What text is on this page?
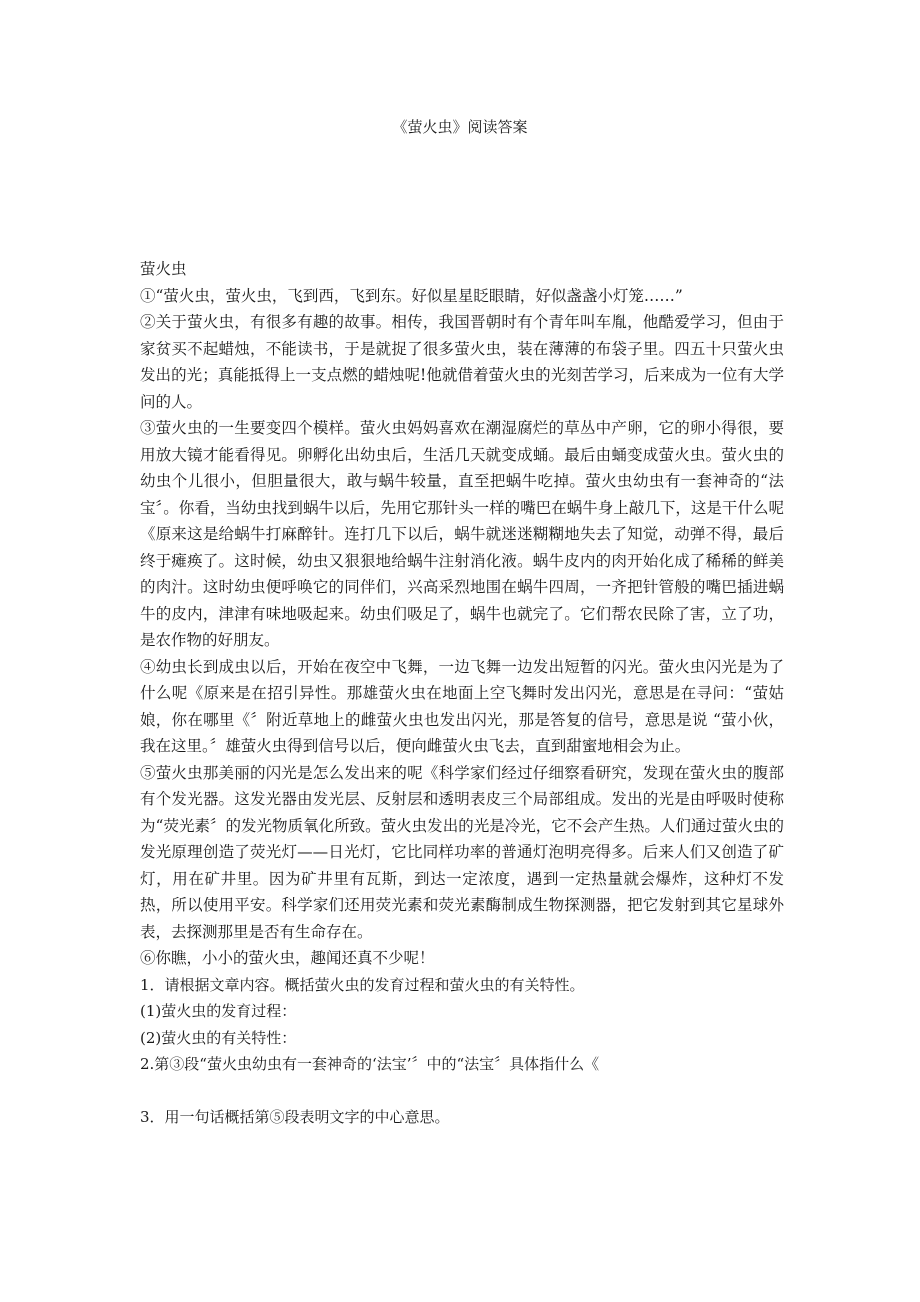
《萤火虫》阅读答案

萤火虫

①“萤火虫，萤火虫，飞到西，飞到东。好似星星眨眼睛，好似盏盏小灯笼……”

②关于萤火虫，有很多有趣的故事。相传，我国晋朝时有个青年叫车胤，他酷爱学习，但由于家贫买不起蜡烛，不能读书，于是就捉了很多萤火虫，装在薄薄的布袋子里。四五十只萤火虫发出的光；真能抵得上一支点燃的蜡烛呢!他就借着萤火虫的光刻苦学习，后来成为一位有大学问的人。

③萤火虫的一生要变四个模样。萤火虫妈妈喜欢在潮湿腐烂的草丛中产卵，它的卵小得很，要用放大镜才能看得见。卵孵化出幼虫后，生活几天就变成蛹。最后由蛹变成萤火虫。萤火虫的幼虫个儿很小，但胆量很大，敢与蜗牛较量，直至把蜗牛吃掉。萤火虫幼虫有一套神奇的“法宝〞。你看，当幼虫找到蜗牛以后，先用它那针头一样的嘴巴在蜗牛身上敲几下，这是干什么呢《原来这是给蜗牛打麻醉针。连打几下以后，蜗牛就迷迷糊糊地失去了知觉，动弹不得，最后终于瘫痪了。这时候，幼虫又狠狠地给蜗牛注射消化液。蜗牛皮内的肉开始化成了稀稀的鲜美的肉汁。这时幼虫便呼唤它的同伴们，兴高采烈地围在蜗牛四周，一齐把针管般的嘴巴插进蜗牛的皮内，津津有味地吸起来。幼虫们吸足了，蜗牛也就完了。它们帮农民除了害，立了功，是农作物的好朋友。

④幼虫长到成虫以后，开始在夜空中飞舞，一边飞舞一边发出短暂的闪光。萤火虫闪光是为了什么呢《原来是在招引异性。那雄萤火虫在地面上空飞舞时发出闪光，意思是在寻问：“萤姑娘，你在哪里《〞附近草地上的雌萤火虫也发出闪光，那是答复的信号，意思是说 “萤小伙，我在这里。〞雄萤火虫得到信号以后，便向雌萤火虫飞去，直到甜蜜地相会为止。

⑤萤火虫那美丽的闪光是怎么发出来的呢《科学家们经过仔细察看研究，发现在萤火虫的腹部有个发光器。这发光器由发光层、反射层和透明表皮三个局部组成。发出的光是由呼吸时使称为“荧光素〞的发光物质氧化所致。萤火虫发出的光是冷光，它不会产生热。人们通过萤火虫的发光原理创造了荧光灯——日光灯，它比同样功率的普通灯泡明亮得多。后来人们又创造了矿灯，用在矿井里。因为矿井里有瓦斯，到达一定浓度，遇到一定热量就会爆炸，这种灯不发热，所以使用平安。科学家们还用荧光素和荧光素酶制成生物探测器，把它发射到其它星球外表，去探测那里是否有生命存在。

⑥你瞧，小小的萤火虫，趣闻还真不少呢！

1．请根据文章内容。概括萤火虫的发育过程和萤火虫的有关特性。

(1)萤火虫的发育过程：

(2)萤火虫的有关特性：

2.第③段“萤火虫幼虫有一套神奇的‘法宝’〞中的“法宝〞具体指什么《

3．用一句话概括第⑤段表明文字的中心意思。
